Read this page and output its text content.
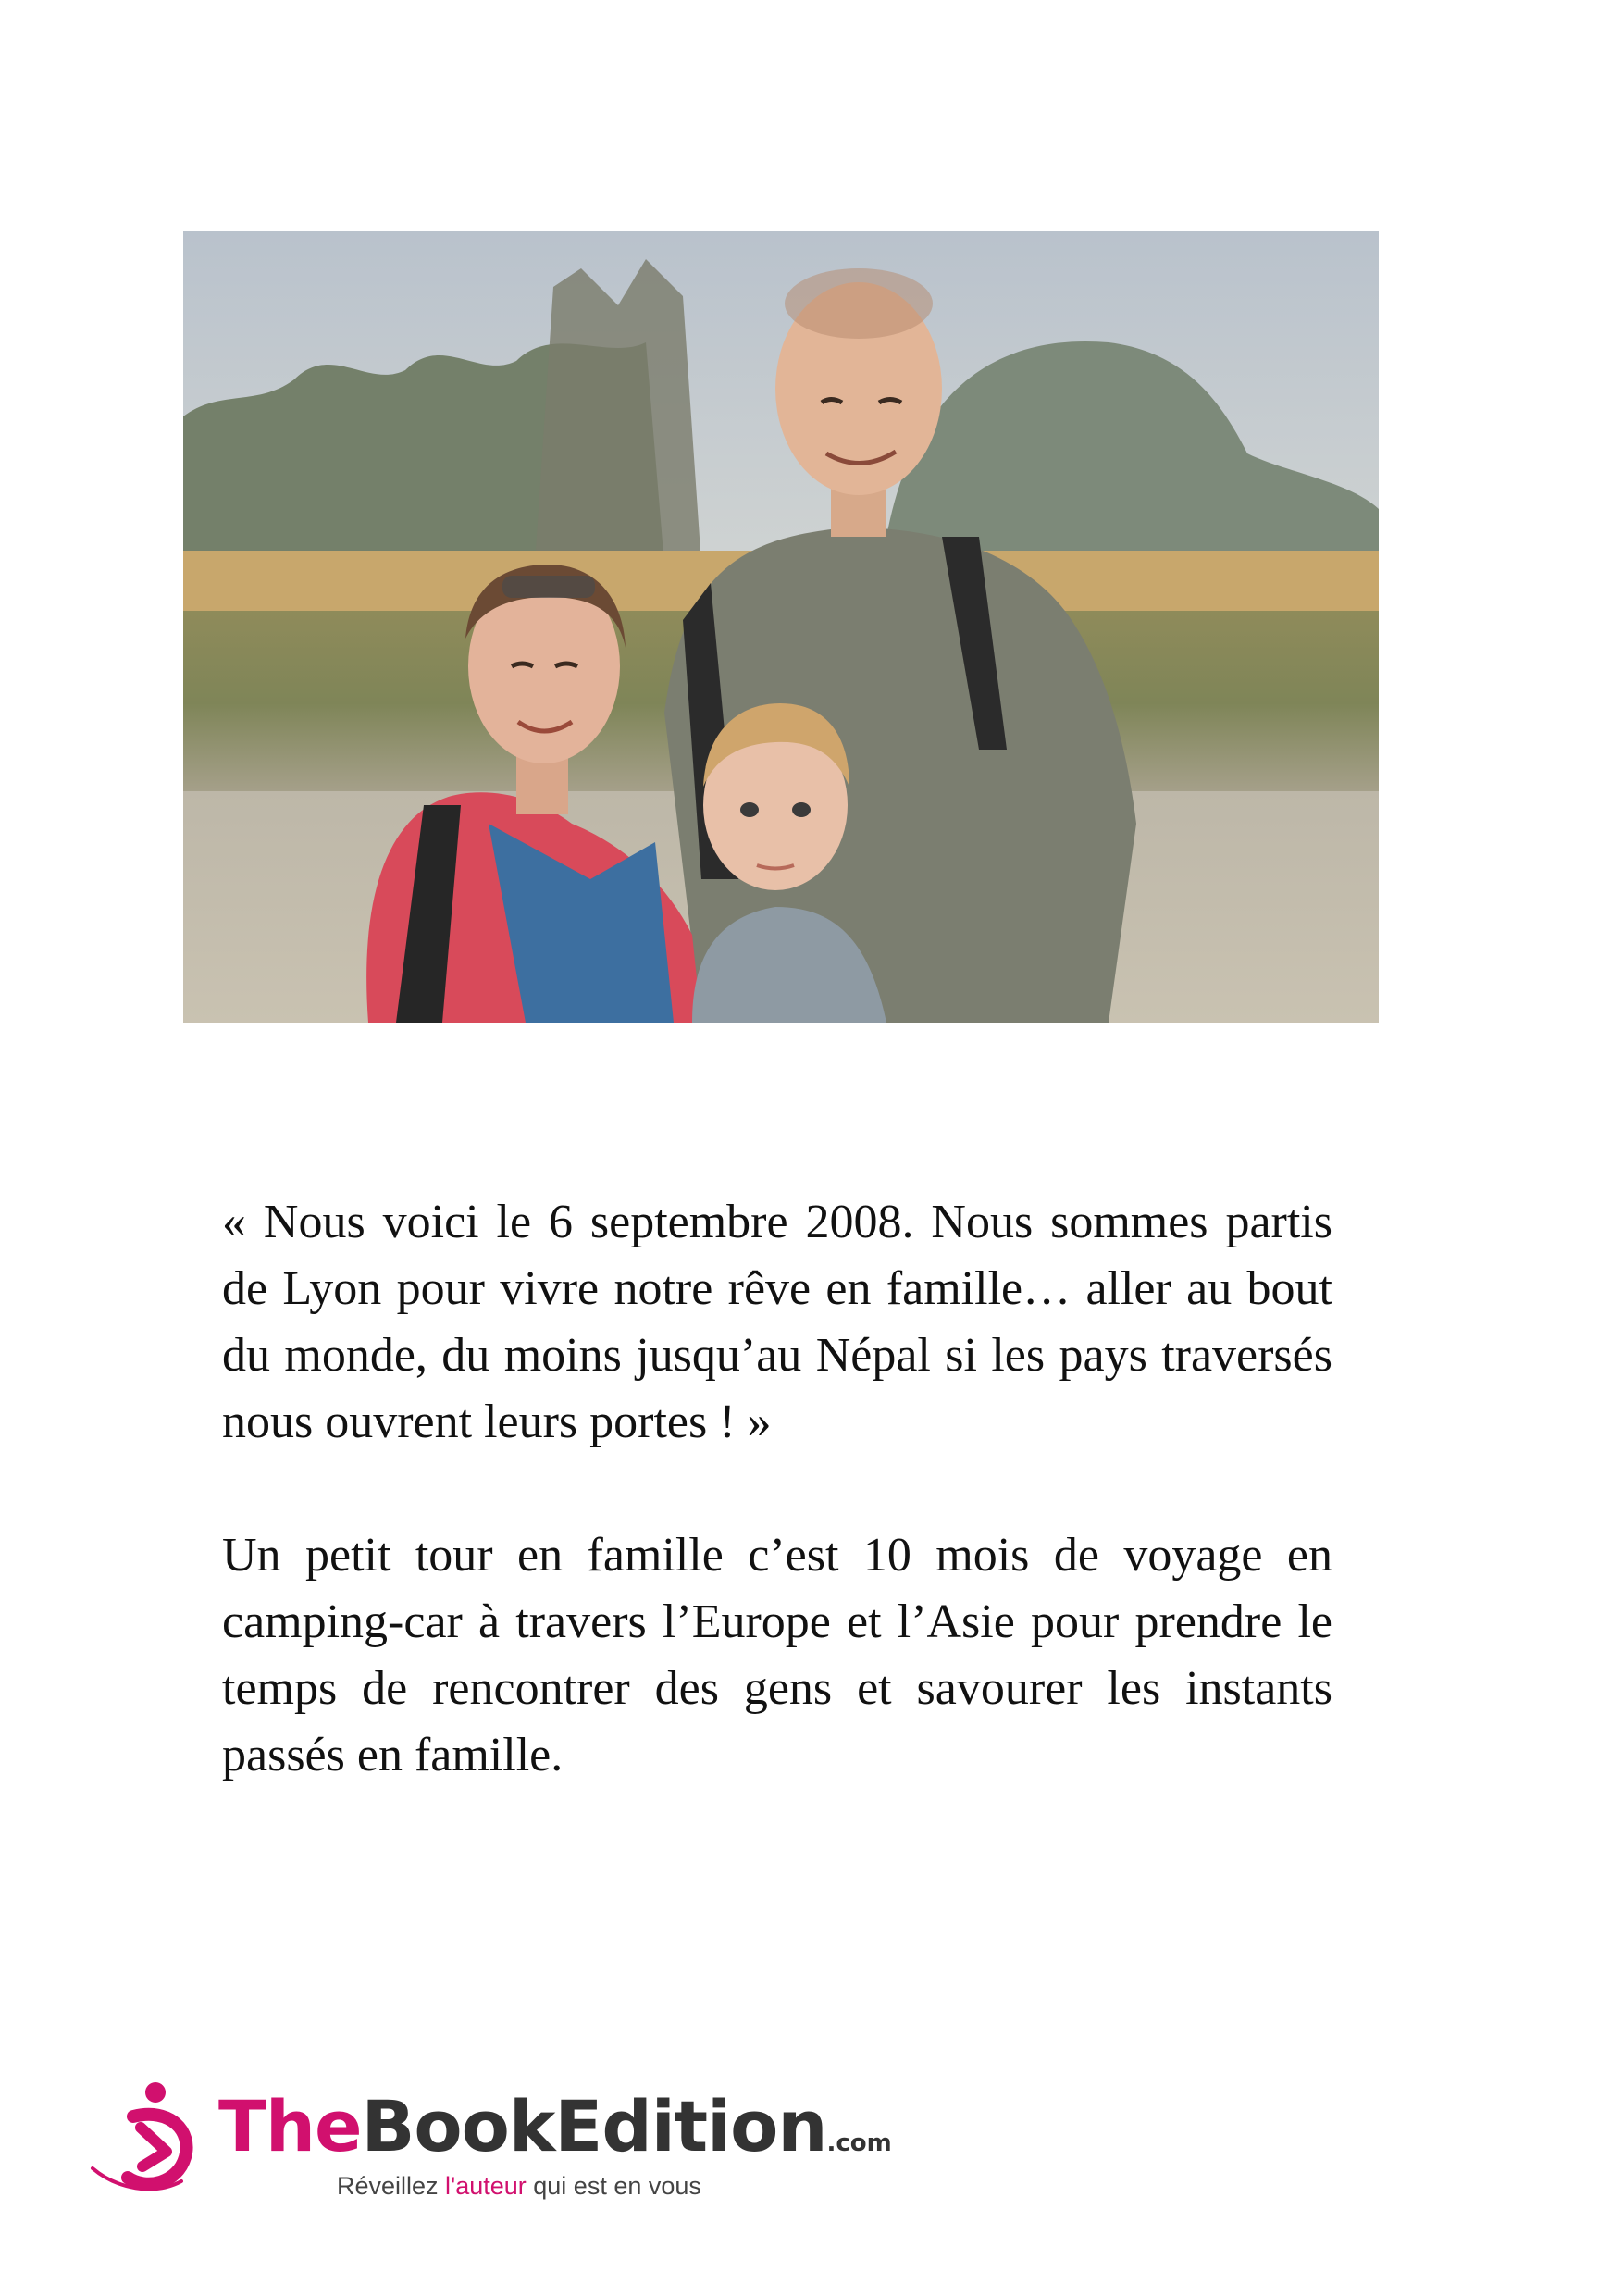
« Nous voici le 6 septembre 2008. Nous sommes partis de Lyon pour vivre notre rêve en famille… aller au bout du monde, du moins jusqu’au Népal si les pays traversés nous ouvrent leurs portes ! »

Un petit tour en famille c’est 10 mois de voyage en camping-car à travers l’Europe et l’Asie pour prendre le temps de rencontrer des gens et savourer les instants passés en famille.

TheBookEdition.com
Réveillez l'auteur qui est en vous
